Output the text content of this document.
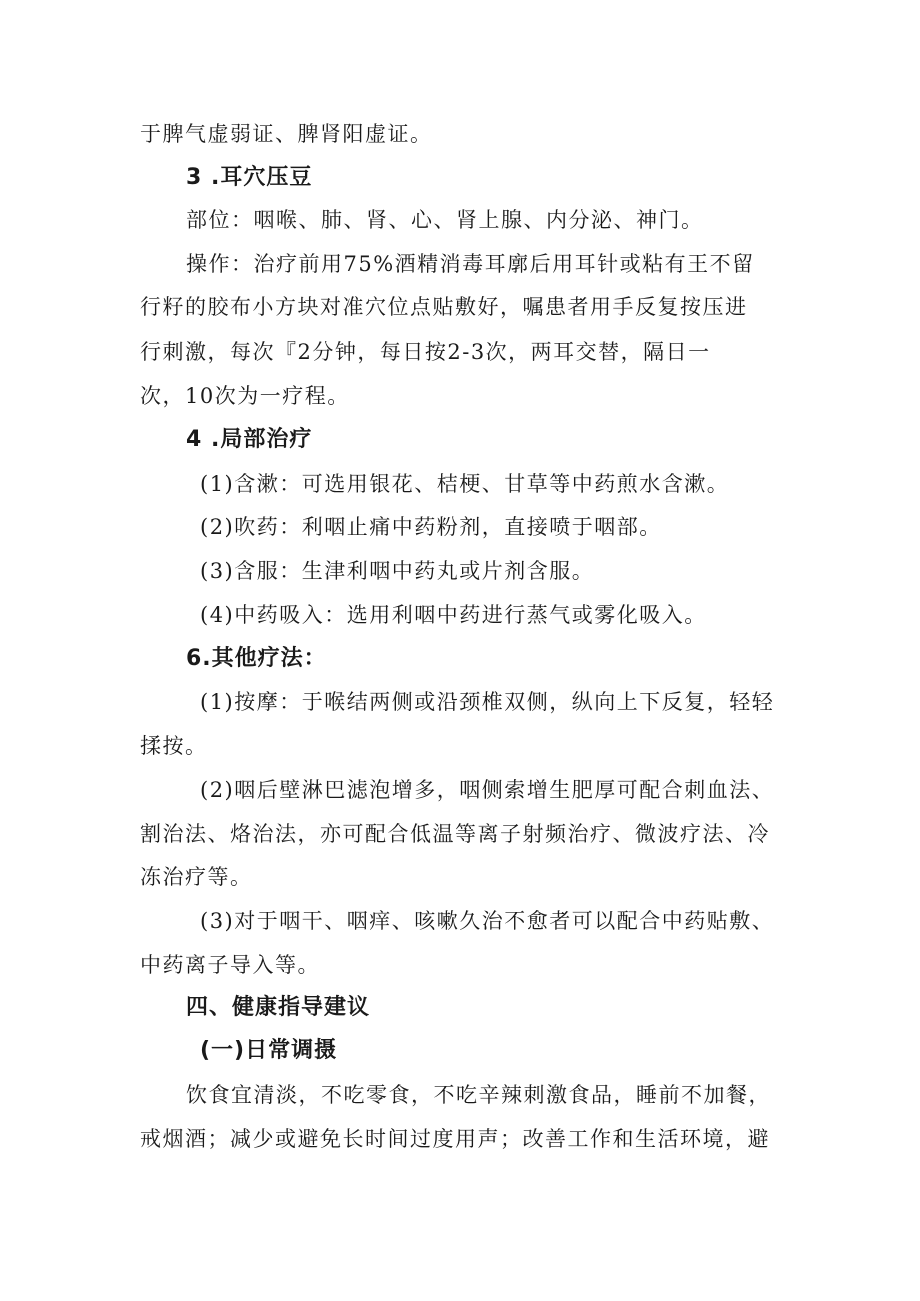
于脾气虚弱证、脾肾阳虚证。
3 .耳穴压豆
部位：咽喉、肺、肾、心、肾上腺、内分泌、神门。
操作：治疗前用75%酒精消毒耳廓后用耳针或粘有王不留
行籽的胶布小方块对准穴位点贴敷好，嘱患者用手反复按压进
行刺激，每次『2分钟，每日按2-3次，两耳交替，隔日一
次，10次为一疗程。
4 .局部治疗
(1)含漱：可选用银花、桔梗、甘草等中药煎水含漱。
(2)吹药：利咽止痛中药粉剂，直接喷于咽部。
(3)含服：生津利咽中药丸或片剂含服。
(4)中药吸入：选用利咽中药进行蒸气或雾化吸入。
6.其他疗法：
(1)按摩：于喉结两侧或沿颈椎双侧，纵向上下反复，轻轻
揉按。
(2)咽后壁淋巴滤泡增多，咽侧索增生肥厚可配合刺血法、
割治法、烙治法，亦可配合低温等离子射频治疗、微波疗法、冷
冻治疗等。
(3)对于咽干、咽痒、咳嗽久治不愈者可以配合中药贴敷、
中药离子导入等。
四、健康指导建议
(一)日常调摄
饮食宜清淡，不吃零食，不吃辛辣刺激食品，睡前不加餐，
戒烟酒；减少或避免长时间过度用声；改善工作和生活环境，避
